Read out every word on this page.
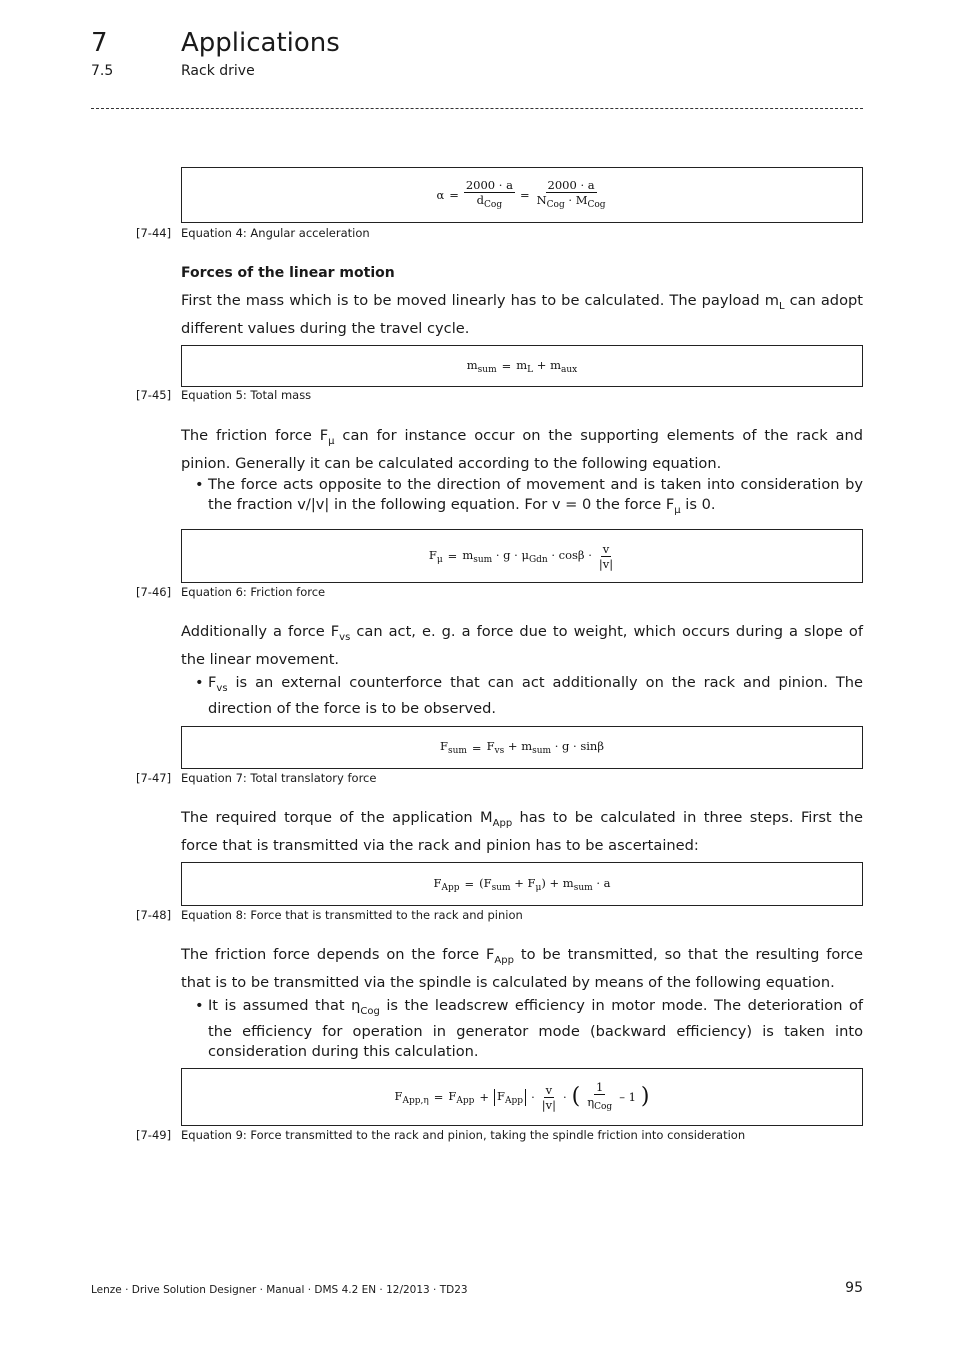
7	Applications
7.5	Rack drive
$\alpha = \frac{2000 \cdot a}{d_{Cog}} = \frac{2000 \cdot a}{N_{Cog} \cdot M_{Cog}}$
[7-44] Equation 4: Angular acceleration
Forces of the linear motion
First the mass which is to be moved linearly has to be calculated. The payload $m_L$ can adopt different values during the travel cycle.
$m_{sum} = m_L + m_{aux}$
[7-45] Equation 5: Total mass
The friction force $F_\mu$ can for instance occur on the supporting elements of the rack and pinion. Generally it can be calculated according to the following equation.
• The force acts opposite to the direction of movement and is taken into consideration by the fraction v/|v| in the following equation. For v = 0 the force $F_\mu$ is 0.
$F_\mu = m_{sum} \cdot g \cdot \mu_{Gdn} \cdot \cos\beta \cdot \frac{v}{|v|}$
[7-46] Equation 6: Friction force
Additionally a force $F_{vs}$ can act, e. g. a force due to weight, which occurs during a slope of the linear movement.
• $F_{vs}$ is an external counterforce that can act additionally on the rack and pinion. The direction of the force is to be observed.
$F_{sum} = F_{vs} + m_{sum} \cdot g \cdot \sin\beta$
[7-47] Equation 7: Total translatory force
The required torque of the application $M_{App}$ has to be calculated in three steps. First the force that is transmitted via the rack and pinion has to be ascertained:
$F_{App} = (F_{sum} + F_\mu) + m_{sum} \cdot a$
[7-48] Equation 8: Force that is transmitted to the rack and pinion
The friction force depends on the force $F_{App}$ to be transmitted, so that the resulting force that is to be transmitted via the spindle is calculated by means of the following equation.
• It is assumed that $\eta_{Cog}$ is the leadscrew efficiency in motor mode. The deterioration of the efficiency for operation in generator mode (backward efficiency) is taken into consideration during this calculation.
$F_{App,\eta} = F_{App} + F_{App} \cdot \frac{v}{|v|}$ · ( $\frac{1}{\eta_{Cog}} - 1$ )
[7-49] Equation 9: Force transmitted to the rack and pinion, taking the spindle friction into consideration
Lenze · Drive Solution Designer · Manual · DMS 4.2 EN · 12/2013 · TD23	95
